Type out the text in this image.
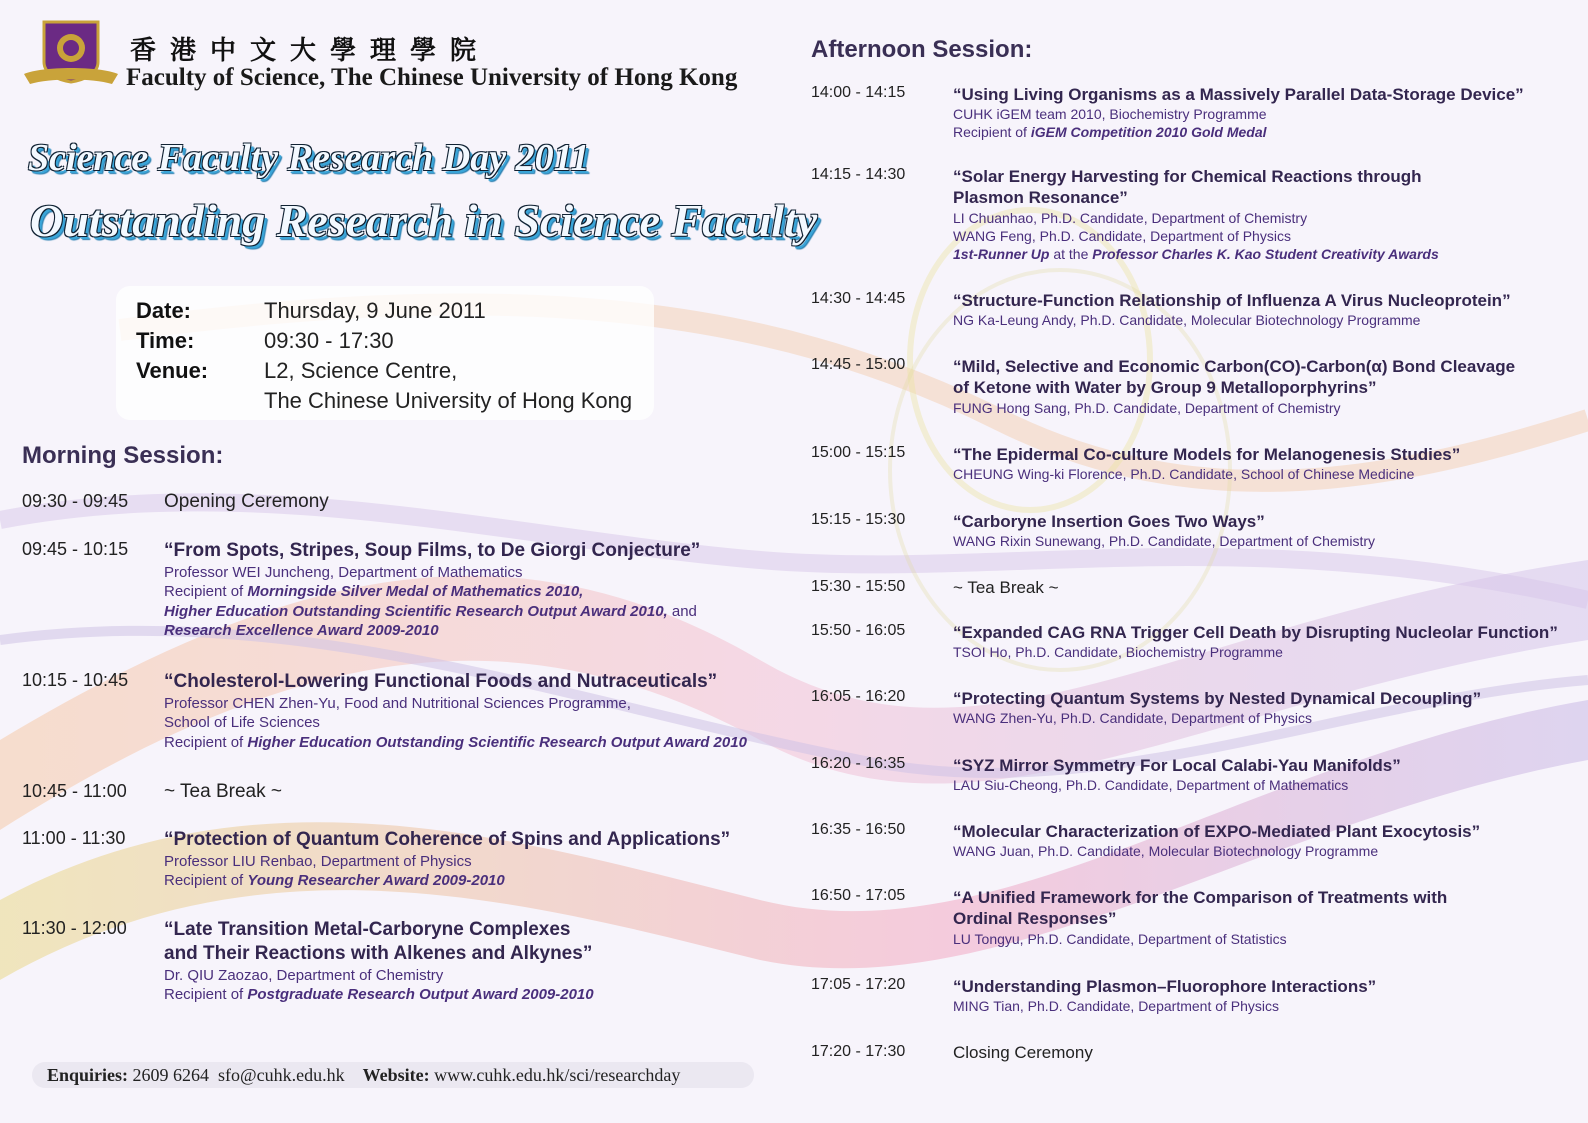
香港中文大學理學院
Faculty of Science, The Chinese University of Hong Kong
Science Faculty Research Day 2011
Outstanding Research in Science Faculty
Date:	Thursday, 9 June 2011
Time:	09:30 - 17:30
Venue:	L2, Science Centre,
The Chinese University of Hong Kong
Morning Session:
09:30 - 09:45 Opening Ceremony
09:45 - 10:15 “From Spots, Stripes, Soup Films, to De Giorgi Conjecture”
Professor WEI Juncheng, Department of Mathematics
Recipient of Morningside Silver Medal of Mathematics 2010,
Higher Education Outstanding Scientific Research Output Award 2010, and
Research Excellence Award 2009-2010
10:15 - 10:45 “Cholesterol-Lowering Functional Foods and Nutraceuticals”
Professor CHEN Zhen-Yu, Food and Nutritional Sciences Programme,
School of Life Sciences
Recipient of Higher Education Outstanding Scientific Research Output Award 2010
10:45 - 11:00 ~ Tea Break ~
11:00 - 11:30 “Protection of Quantum Coherence of Spins and Applications”
Professor LIU Renbao, Department of Physics
Recipient of Young Researcher Award 2009-2010
11:30 - 12:00 “Late Transition Metal-Carboryne Complexes
and Their Reactions with Alkenes and Alkynes”
Dr. QIU Zaozao, Department of Chemistry
Recipient of Postgraduate Research Output Award 2009-2010
Afternoon Session:
14:00 - 14:15	“Using Living Organisms as a Massively Parallel Data-Storage Device”
CUHK iGEM team 2010, Biochemistry Programme
Recipient of iGEM Competition 2010 Gold Medal
14:15 - 14:30	“Solar Energy Harvesting for Chemical Reactions through
Plasmon Resonance”
LI Chuanhao, Ph.D. Candidate, Department of Chemistry
WANG Feng, Ph.D. Candidate, Department of Physics
1st-Runner Up at the Professor Charles K. Kao Student Creativity Awards
14:30 - 14:45	“Structure-Function Relationship of Influenza A Virus Nucleoprotein”
NG Ka-Leung Andy, Ph.D. Candidate, Molecular Biotechnology Programme
14:45 - 15:00	“Mild, Selective and Economic Carbon(CO)-Carbon(α) Bond Cleavage
of Ketone with Water by Group 9 Metalloporphyrins”
FUNG Hong Sang, Ph.D. Candidate, Department of Chemistry
15:00 - 15:15	“The Epidermal Co-culture Models for Melanogenesis Studies”
CHEUNG Wing-ki Florence, Ph.D. Candidate, School of Chinese Medicine
15:15 - 15:30	“Carboryne Insertion Goes Two Ways”
WANG Rixin Sunewang, Ph.D. Candidate, Department of Chemistry
15:30 - 15:50	~ Tea Break ~
15:50 - 16:05	“Expanded CAG RNA Trigger Cell Death by Disrupting Nucleolar Function”
TSOI Ho, Ph.D. Candidate, Biochemistry Programme
16:05 - 16:20	“Protecting Quantum Systems by Nested Dynamical Decoupling”
WANG Zhen-Yu, Ph.D. Candidate, Department of Physics
16:20 - 16:35	“SYZ Mirror Symmetry For Local Calabi-Yau Manifolds”
LAU Siu-Cheong, Ph.D. Candidate, Department of Mathematics
16:35 - 16:50	“Molecular Characterization of EXPO-Mediated Plant Exocytosis”
WANG Juan, Ph.D. Candidate, Molecular Biotechnology Programme
16:50 - 17:05	“A Unified Framework for the Comparison of Treatments with
Ordinal Responses”
LU Tongyu, Ph.D. Candidate, Department of Statistics
17:05 - 17:20	“Understanding Plasmon–Fluorophore Interactions”
MING Tian, Ph.D. Candidate, Department of Physics
17:20 - 17:30	Closing Ceremony
Enquiries: 2609 6264 sfo@cuhk.edu.hk Website: www.cuhk.edu.hk/sci/researchday
